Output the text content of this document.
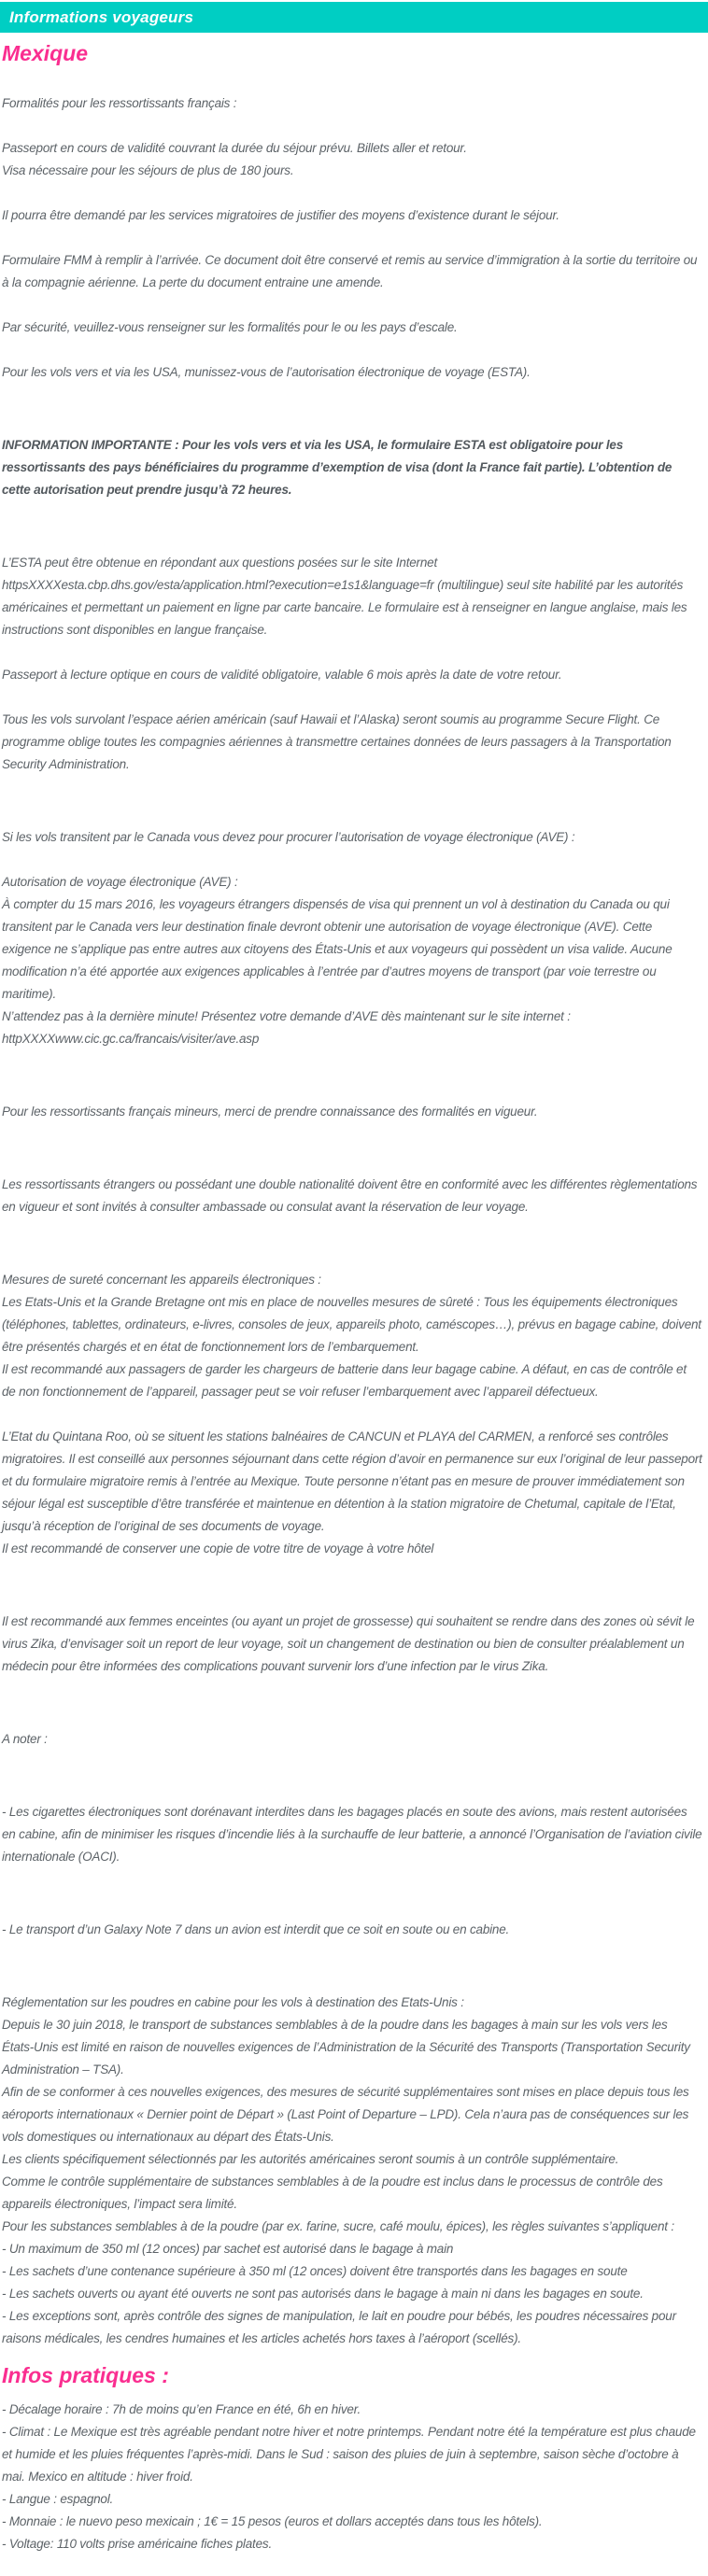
Informations voyageurs
Mexique

Formalités pour les ressortissants français :

Passeport en cours de validité couvrant la durée du séjour prévu. Billets aller et retour.

Visa nécessaire pour les séjours de plus de 180 jours.

Il pourra être demandé par les services migratoires de justifier des moyens d’existence durant le séjour.

Formulaire FMM à remplir à l’arrivée. Ce document doit être conservé et remis au service d’immigration à la sortie du territoire ou à la compagnie aérienne. La perte du document entraine une amende.

Par sécurité, veuillez-vous renseigner sur les formalités pour le ou les pays d’escale.

Pour les vols vers et via les USA, munissez-vous de l’autorisation électronique de voyage (ESTA).

INFORMATION IMPORTANTE : Pour les vols vers et via les USA, le formulaire ESTA est obligatoire pour les ressortissants des pays bénéficiaires du programme d’exemption de visa (dont la France fait partie). L’obtention de cette autorisation peut prendre jusqu’à 72 heures.

L’ESTA peut être obtenue en répondant aux questions posées sur le site Internet httpsXXXXesta.cbp.dhs.gov/esta/application.html?execution=e1s1&language=fr (multilingue) seul site habilité par les autorités américaines et permettant un paiement en ligne par carte bancaire. Le formulaire est à renseigner en langue anglaise, mais les instructions sont disponibles en langue française.

Passeport à lecture optique en cours de validité obligatoire, valable 6 mois après la date de votre retour.

Tous les vols survolant l’espace aérien américain (sauf Hawaii et l’Alaska) seront soumis au programme Secure Flight. Ce programme oblige toutes les compagnies aériennes à transmettre certaines données de leurs passagers à la Transportation Security Administration.

Si les vols transitent par le Canada vous devez pour procurer l’autorisation de voyage électronique (AVE) :

Autorisation de voyage électronique (AVE) :

À compter du 15 mars 2016, les voyageurs étrangers dispensés de visa qui prennent un vol à destination du Canada ou qui transitent par le Canada vers leur destination finale devront obtenir une autorisation de voyage électronique (AVE). Cette exigence ne s’applique pas entre autres aux citoyens des États-Unis et aux voyageurs qui possèdent un visa valide. Aucune modification n’a été apportée aux exigences applicables à l’entrée par d’autres moyens de transport (par voie terrestre ou maritime).

N’attendez pas à la dernière minute! Présentez votre demande d’AVE dès maintenant sur le site internet : httpXXXXwww.cic.gc.ca/francais/visiter/ave.asp

Pour les ressortissants français mineurs, merci de prendre connaissance des formalités en vigueur.

Les ressortissants étrangers ou possédant une double nationalité doivent être en conformité avec les différentes règlementations en vigueur et sont invités à consulter ambassade ou consulat avant la réservation de leur voyage.

Mesures de sureté concernant les appareils électroniques :

Les Etats-Unis et la Grande Bretagne ont mis en place de nouvelles mesures de sûreté : Tous les équipements électroniques (téléphones, tablettes, ordinateurs, e-livres, consoles de jeux, appareils photo, caméscopes…), prévus en bagage cabine, doivent être présentés chargés et en état de fonctionnement lors de l’embarquement.

Il est recommandé aux passagers de garder les chargeurs de batterie dans leur bagage cabine. A défaut, en cas de contrôle et de non fonctionnement de l’appareil, passager peut se voir refuser l’embarquement avec l’appareil défectueux.

L’Etat du Quintana Roo, où se situent les stations balnéaires de CANCUN et PLAYA del CARMEN, a renforcé ses contrôles migratoires. Il est conseillé aux personnes séjournant dans cette région d’avoir en permanence sur eux l’original de leur passeport et du formulaire migratoire remis à l’entrée au Mexique. Toute personne n’étant pas en mesure de prouver immédiatement son séjour légal est susceptible d’être transférée et maintenue en détention à la station migratoire de Chetumal, capitale de l’Etat, jusqu’à réception de l’original de ses documents de voyage.

Il est recommandé de conserver une copie de votre titre de voyage à votre hôtel

Il est recommandé aux femmes enceintes (ou ayant un projet de grossesse) qui souhaitent se rendre dans des zones où sévit le virus Zika, d’envisager soit un report de leur voyage, soit un changement de destination ou bien de consulter préalablement un médecin pour être informées des complications pouvant survenir lors d’une infection par le virus Zika.

A noter :

- Les cigarettes électroniques sont dorénavant interdites dans les bagages placés en soute des avions, mais restent autorisées en cabine, afin de minimiser les risques d’incendie liés à la surchauffe de leur batterie, a annoncé l’Organisation de l’aviation civile internationale (OACI).

- Le transport d’un Galaxy Note 7 dans un avion est interdit que ce soit en soute ou en cabine.

Réglementation sur les poudres en cabine pour les vols à destination des Etats-Unis :

Depuis le 30 juin 2018, le transport de substances semblables à de la poudre dans les bagages à main sur les vols vers les États-Unis est limité en raison de nouvelles exigences de l’Administration de la Sécurité des Transports (Transportation Security Administration – TSA).

Afin de se conformer à ces nouvelles exigences, des mesures de sécurité supplémentaires sont mises en place depuis tous les aéroports internationaux « Dernier point de Départ » (Last Point of Departure – LPD). Cela n’aura pas de conséquences sur les vols domestiques ou internationaux au départ des États-Unis.

Les clients spécifiquement sélectionnés par les autorités américaines seront soumis à un contrôle supplémentaire.

Comme le contrôle supplémentaire de substances semblables à de la poudre est inclus dans le processus de contrôle des appareils électroniques, l’impact sera limité.

Pour les substances semblables à de la poudre (par ex. farine, sucre, café moulu, épices), les règles suivantes s’appliquent :

- Un maximum de 350 ml (12 onces) par sachet est autorisé dans le bagage à main

- Les sachets d’une contenance supérieure à 350 ml (12 onces) doivent être transportés dans les bagages en soute

- Les sachets ouverts ou ayant été ouverts ne sont pas autorisés dans le bagage à main ni dans les bagages en soute.

- Les exceptions sont, après contrôle des signes de manipulation, le lait en poudre pour bébés, les poudres nécessaires pour raisons médicales, les cendres humaines et les articles achetés hors taxes à l’aéroport (scellés).

Infos pratiques :

- Décalage horaire : 7h de moins qu’en France en été, 6h en hiver.

- Climat : Le Mexique est très agréable pendant notre hiver et notre printemps. Pendant notre été la température est plus chaude et humide et les pluies fréquentes l’après-midi. Dans le Sud : saison des pluies de juin à septembre, saison sèche d’octobre à mai. Mexico en altitude : hiver froid.

- Langue : espagnol.

- Monnaie : le nuevo peso mexicain ; 1€ = 15 pesos (euros et dollars acceptés dans tous les hôtels).

- Voltage: 110 volts prise américaine fiches plates.
